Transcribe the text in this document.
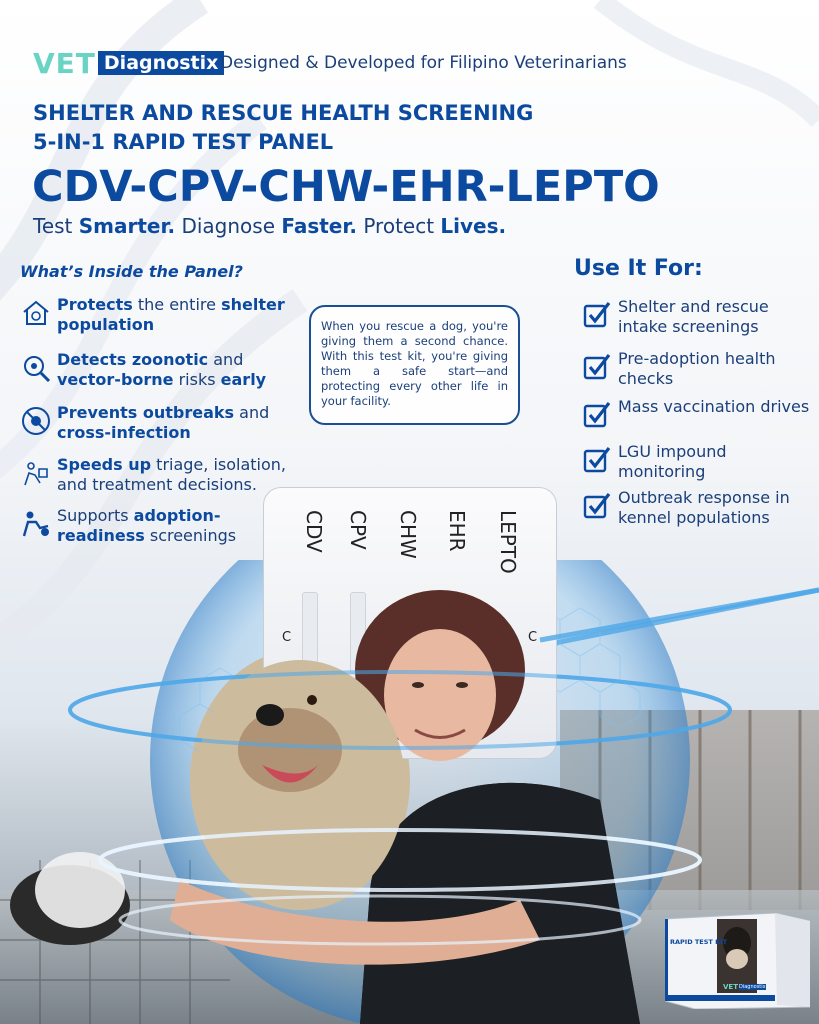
VET Diagnostix Designed & Developed for Filipino Veterinarians
SHELTER AND RESCUE HEALTH SCREENING
5-IN-1 RAPID TEST PANEL
CDV-CPV-CHW-EHR-LEPTO
Test Smarter. Diagnose Faster. Protect Lives.
What’s Inside the Panel?
Protects the entire shelter population
Detects zoonotic and
vector-borne risks early
Prevents outbreaks and
cross-infection
Speeds up triage, isolation, and treatment decisions.
Supports adoption-readiness screenings

When you rescue a dog, you're giving them a second chance. With this test kit, you're giving them a safe start—and protecting every other life in your facility.

Use It For:
Shelter and rescue intake screenings
Pre-adoption health checks
Mass vaccination drives
LGU impound monitoring
Outbreak response in kennel populations
CDV CPV CHW EHR LEPTO
C	C
RAPID TEST KIT
VET Diagnostix
